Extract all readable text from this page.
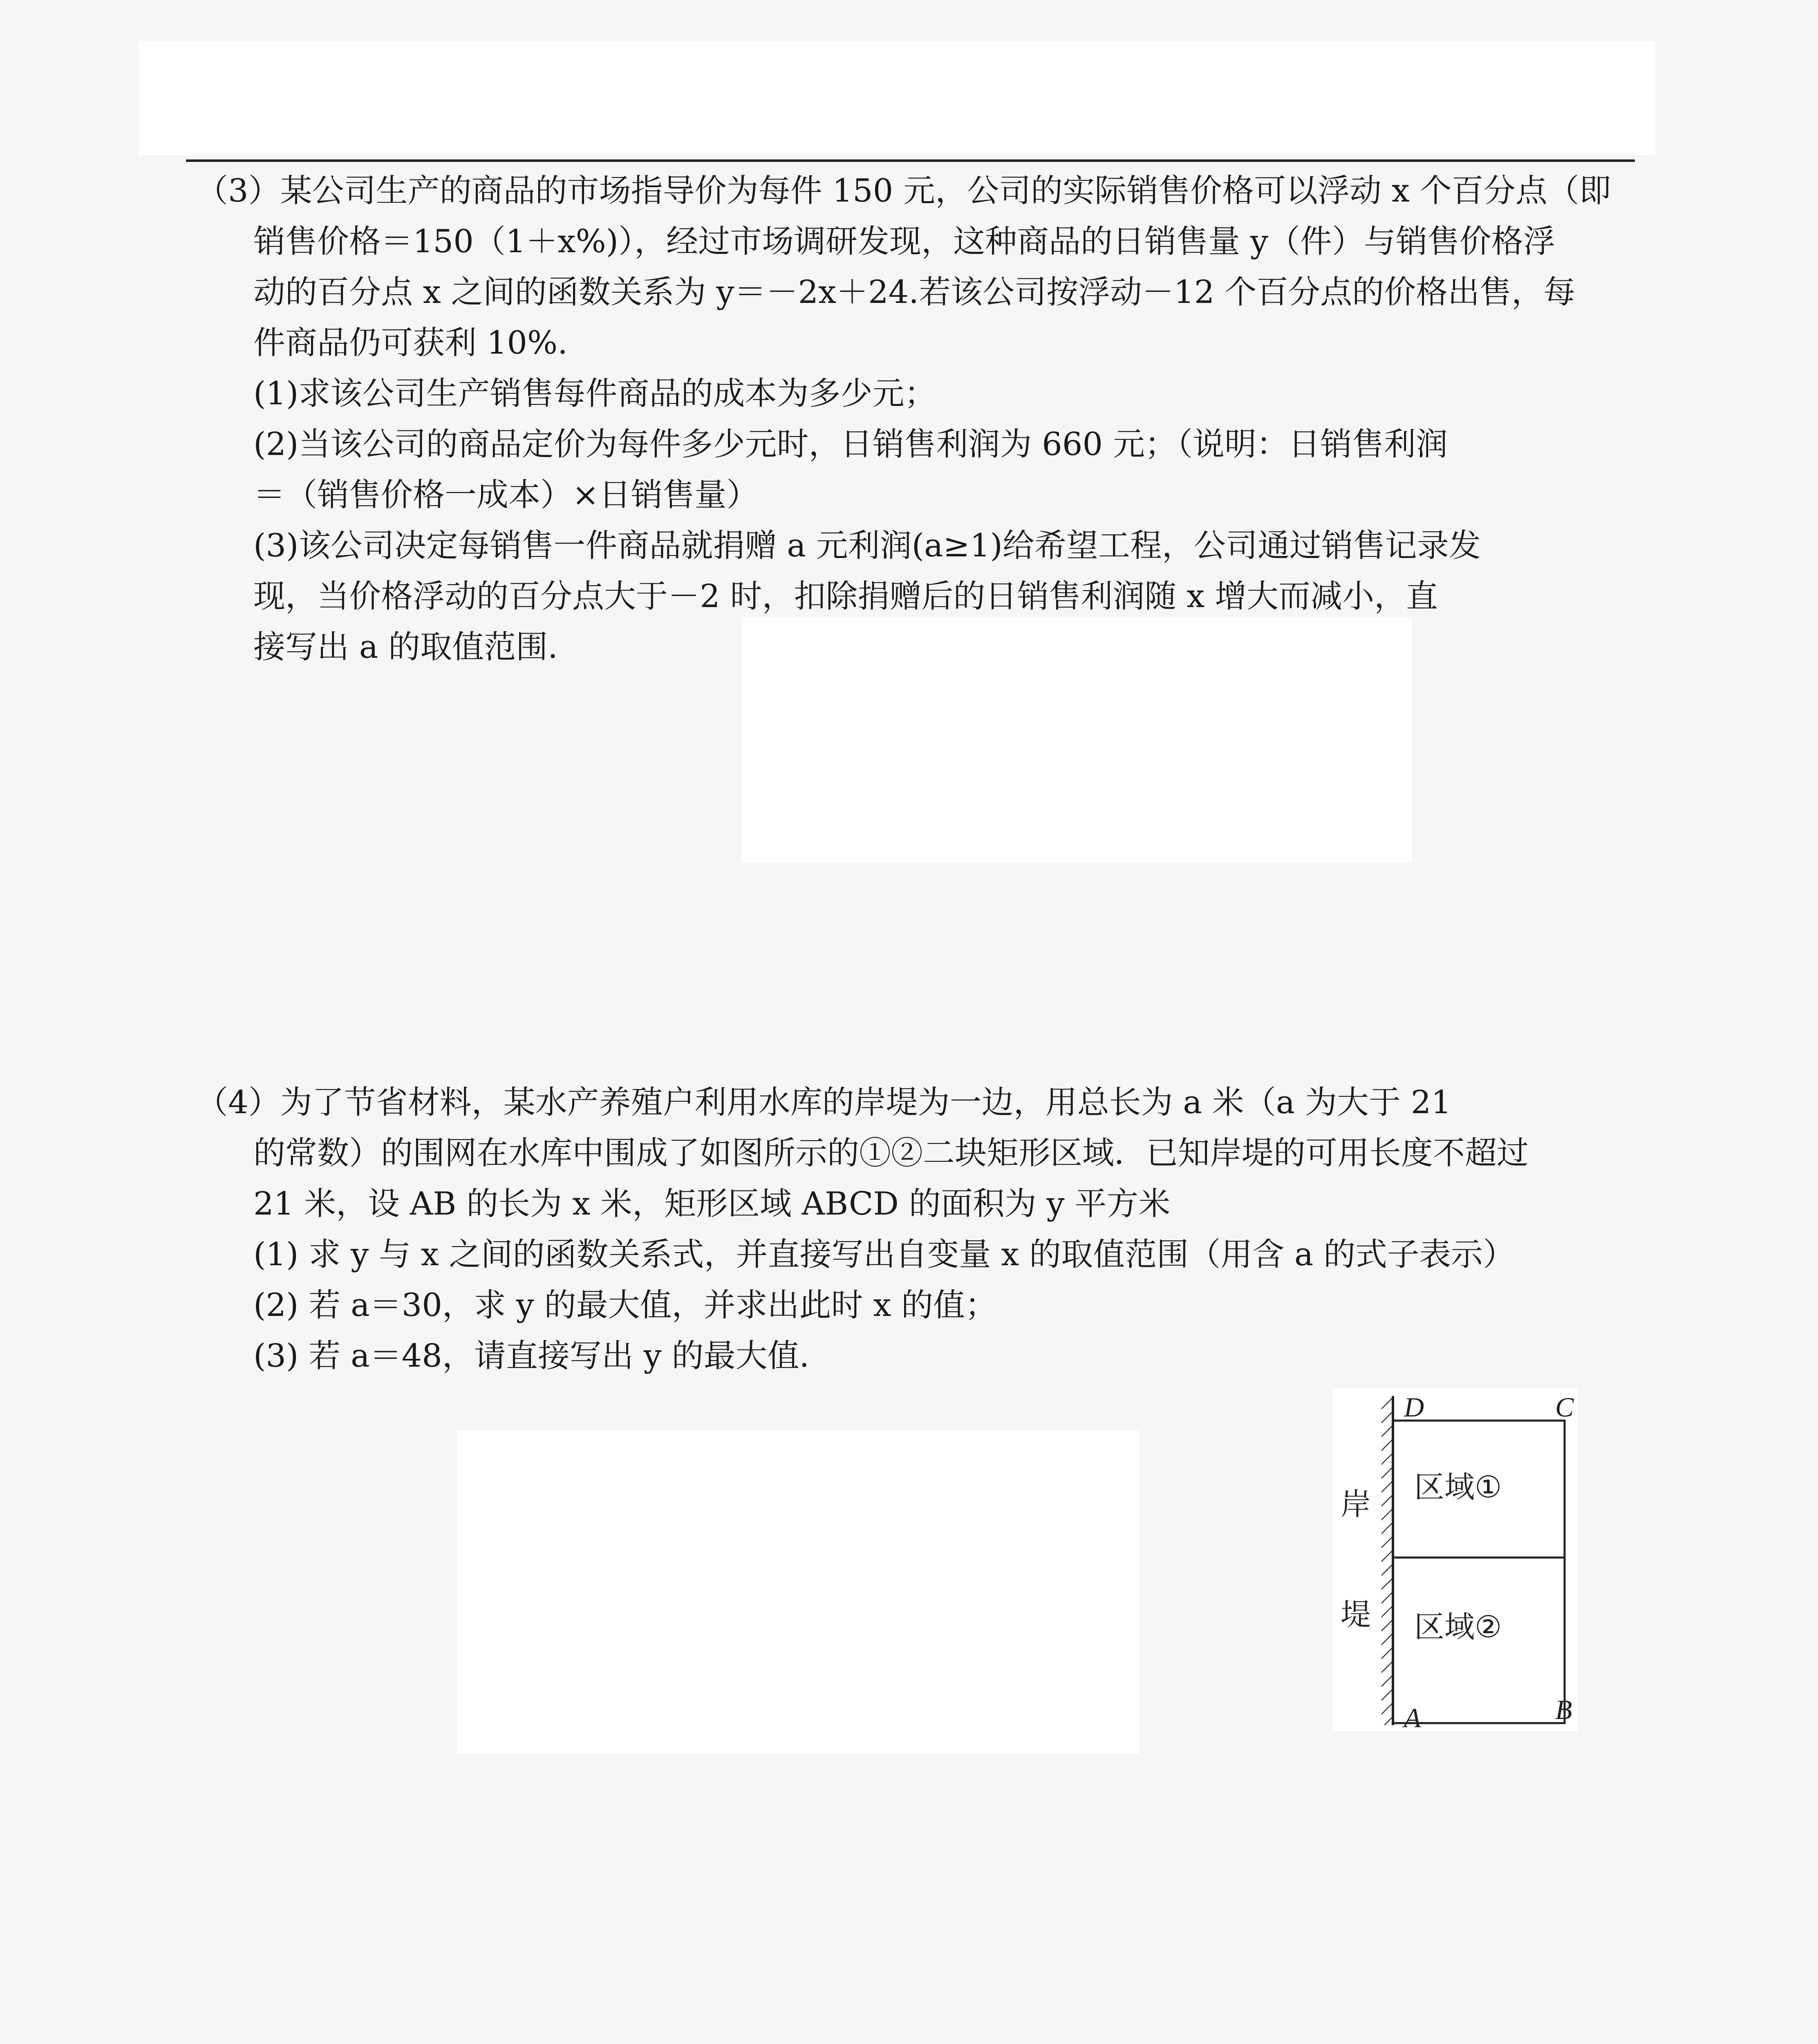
（3）某公司生产的商品的市场指导价为每件 150 元，公司的实际销售价格可以浮动 x 个百分点（即
销售价格＝150（1＋x%)），经过市场调研发现，这种商品的日销售量 y（件）与销售价格浮
动的百分点 x 之间的函数关系为 y＝－2x＋24.若该公司按浮动－12 个百分点的价格出售，每
件商品仍可获利 10%.
(1)求该公司生产销售每件商品的成本为多少元；
(2)当该公司的商品定价为每件多少元时，日销售利润为 660 元；（说明：日销售利润
＝（销售价格一成本）×日销售量）
(3)该公司决定每销售一件商品就捐赠 a 元利润(a≥1)给希望工程，公司通过销售记录发
现，当价格浮动的百分点大于－2 时，扣除捐赠后的日销售利润随 x 增大而减小，直
接写出 a 的取值范围.
（4）为了节省材料，某水产养殖户利用水库的岸堤为一边，用总长为 a 米（a 为大于 21
的常数）的围网在水库中围成了如图所示的①②二块矩形区域．已知岸堤的可用长度不超过
21 米，设 AB 的长为 x 米，矩形区域 ABCD 的面积为 y 平方米
(1) 求 y 与 x 之间的函数关系式，并直接写出自变量 x 的取值范围（用含 a 的式子表示）
(2) 若 a＝30，求 y 的最大值，并求出此时 x 的值；
(3) 若 a＝48，请直接写出 y 的最大值.
D	C
A	B
岸
堤
区域①
区域②
